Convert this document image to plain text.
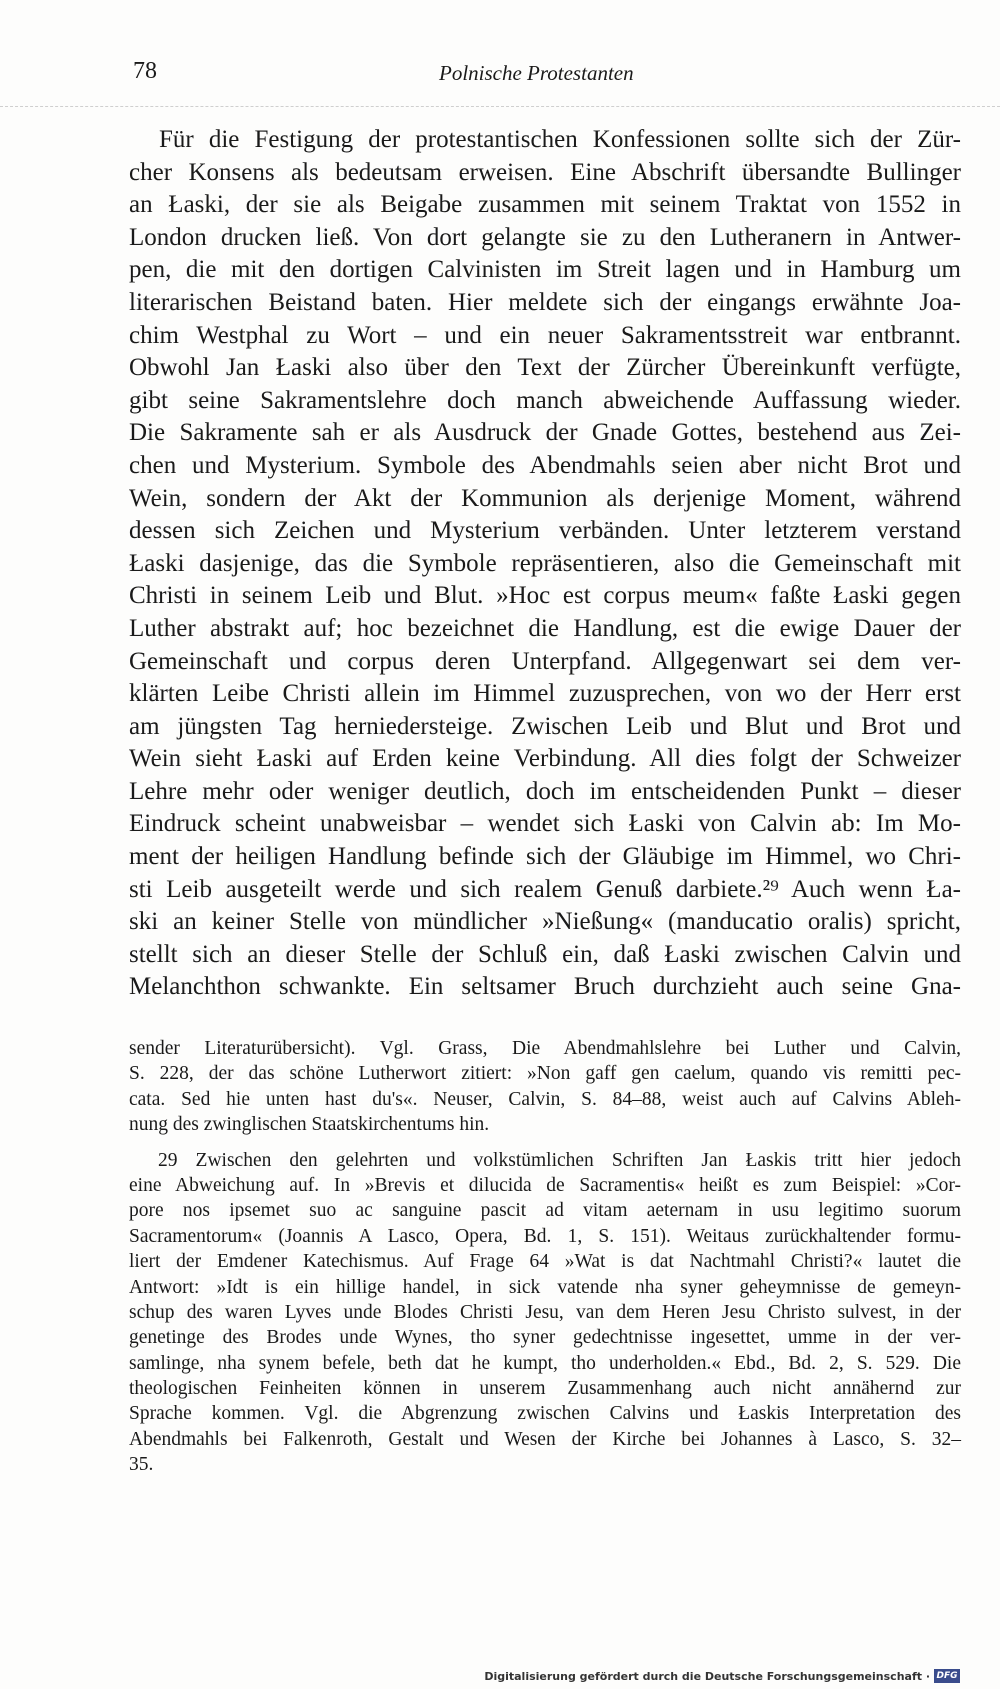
78	Polnische Protestanten
Für die Festigung der protestantischen Konfessionen sollte sich der Zür-
cher Konsens als bedeutsam erweisen. Eine Abschrift übersandte Bullinger
an Łaski, der sie als Beigabe zusammen mit seinem Traktat von 1552 in
London drucken ließ. Von dort gelangte sie zu den Lutheranern in Antwer-
pen, die mit den dortigen Calvinisten im Streit lagen und in Hamburg um
literarischen Beistand baten. Hier meldete sich der eingangs erwähnte Joa-
chim Westphal zu Wort – und ein neuer Sakramentsstreit war entbrannt.
Obwohl Jan Łaski also über den Text der Zürcher Übereinkunft verfügte,
gibt seine Sakramentslehre doch manch abweichende Auffassung wieder.
Die Sakramente sah er als Ausdruck der Gnade Gottes, bestehend aus Zei-
chen und Mysterium. Symbole des Abendmahls seien aber nicht Brot und
Wein, sondern der Akt der Kommunion als derjenige Moment, während
dessen sich Zeichen und Mysterium verbänden. Unter letzterem verstand
Łaski dasjenige, das die Symbole repräsentieren, also die Gemeinschaft mit
Christi in seinem Leib und Blut. »Hoc est corpus meum« faßte Łaski gegen
Luther abstrakt auf; hoc bezeichnet die Handlung, est die ewige Dauer der
Gemeinschaft und corpus deren Unterpfand. Allgegenwart sei dem ver-
klärten Leibe Christi allein im Himmel zuzusprechen, von wo der Herr erst
am jüngsten Tag herniedersteige. Zwischen Leib und Blut und Brot und
Wein sieht Łaski auf Erden keine Verbindung. All dies folgt der Schweizer
Lehre mehr oder weniger deutlich, doch im entscheidenden Punkt – dieser
Eindruck scheint unabweisbar – wendet sich Łaski von Calvin ab: Im Mo-
ment der heiligen Handlung befinde sich der Gläubige im Himmel, wo Chri-
sti Leib ausgeteilt werde und sich realem Genuß darbiete.²⁹ Auch wenn Ła-
ski an keiner Stelle von mündlicher »Nießung« (manducatio oralis) spricht,
stellt sich an dieser Stelle der Schluß ein, daß Łaski zwischen Calvin und
Melanchthon schwankte. Ein seltsamer Bruch durchzieht auch seine Gna-
sender Literaturübersicht). Vgl. Grass, Die Abendmahlslehre bei Luther und Calvin,
S. 228, der das schöne Lutherwort zitiert: »Non gaff gen caelum, quando vis remitti pec-
cata. Sed hie unten hast du's«. Neuser, Calvin, S. 84–88, weist auch auf Calvins Ableh-
nung des zwinglischen Staatskirchentums hin.
29 Zwischen den gelehrten und volkstümlichen Schriften Jan Łaskis tritt hier jedoch
eine Abweichung auf. In »Brevis et dilucida de Sacramentis« heißt es zum Beispiel: »Cor-
pore nos ipsemet suo ac sanguine pascit ad vitam aeternam in usu legitimo suorum
Sacramentorum« (Joannis A Lasco, Opera, Bd. 1, S. 151). Weitaus zurückhaltender formu-
liert der Emdener Katechismus. Auf Frage 64 »Wat is dat Nachtmahl Christi?« lautet die
Antwort: »Idt is ein hillige handel, in sick vatende nha syner geheymnisse de gemeyn-
schup des waren Lyves unde Blodes Christi Jesu, van dem Heren Jesu Christo sulvest, in der
genetinge des Brodes unde Wynes, tho syner gedechtnisse ingesettet, umme in der ver-
samlinge, nha synem befele, beth dat he kumpt, tho underholden.« Ebd., Bd. 2, S. 529. Die
theologischen Feinheiten können in unserem Zusammenhang auch nicht annähernd zur
Sprache kommen. Vgl. die Abgrenzung zwischen Calvins und Łaskis Interpretation des
Abendmahls bei Falkenroth, Gestalt und Wesen der Kirche bei Johannes à Lasco, S. 32–
35.
Digitalisierung gefördert durch die Deutsche Forschungsgemeinschaft · DFG
